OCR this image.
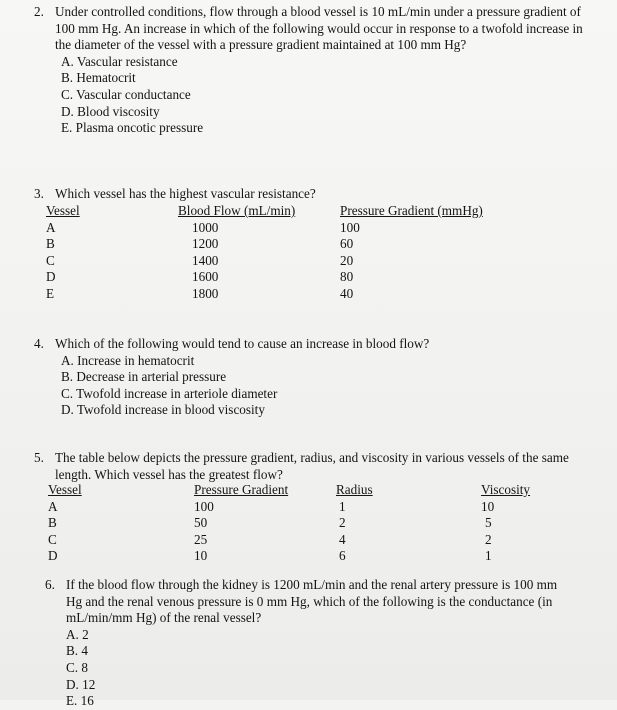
2. Under controlled conditions, flow through a blood vessel is 10 mL/min under a pressure gradient of 100 mm Hg. An increase in which of the following would occur in response to a twofold increase in the diameter of the vessel with a pressure gradient maintained at 100 mm Hg?
A. Vascular resistance
B. Hematocrit
C. Vascular conductance
D. Blood viscosity
E. Plasma oncotic pressure
3. Which vessel has the highest vascular resistance?
Vessel
A
B
C
D
E
Blood Flow (mL/min)
1000
1200
1400
1600
1800
Pressure Gradient (mmHg)
100
60
20
80
40
4. Which of the following would tend to cause an increase in blood flow?
A. Increase in hematocrit
B. Decrease in arterial pressure
C. Twofold increase in arteriole diameter
D. Twofold increase in blood viscosity
5. The table below depicts the pressure gradient, radius, and viscosity in various vessels of the same length. Which vessel has the greatest flow?
Vessel
A
B
C
D
Pressure Gradient
100
50
25
10
Radius
1
2
4
6
Viscosity
10
5
2
1
6. If the blood flow through the kidney is 1200 mL/min and the renal artery pressure is 100 mm Hg and the renal venous pressure is 0 mm Hg, which of the following is the conductance (in mL/min/mm Hg) of the renal vessel?
A. 2
B. 4
C. 8
D. 12
E. 16
